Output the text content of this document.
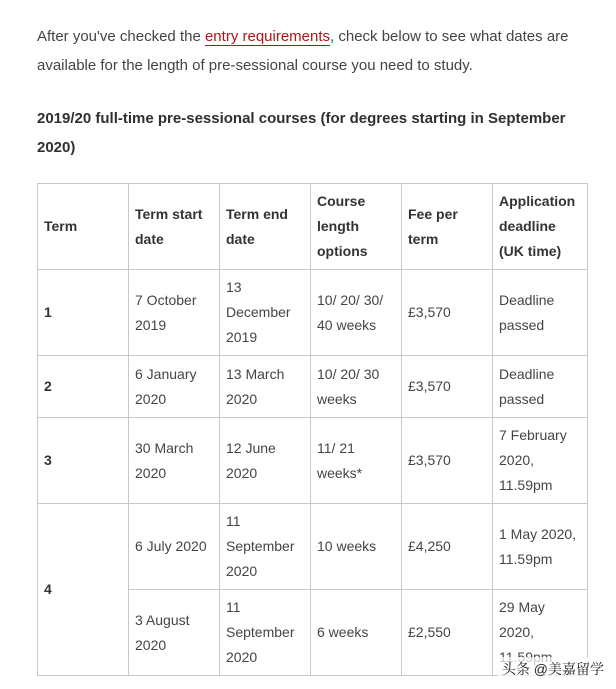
After you've checked the entry requirements, check below to see what dates are available for the length of pre-sessional course you need to study.
2019/20 full-time pre-sessional courses (for degrees starting in September 2020)
Term	Term start date	Term end date	Course length options	Fee per term	Application deadline (UK time)
1	7 October 2019	13 December 2019	10/ 20/ 30/ 40 weeks	£3,570	Deadline passed
2	6 January 2020	13 March 2020	10/ 20/ 30 weeks	£3,570	Deadline passed
3	30 March 2020	12 June 2020	11/ 21 weeks*	£3,570	7 February 2020, 11.59pm
4	6 July 2020	11 September 2020	10 weeks	£4,250	1 May 2020, 11.59pm
	3 August 2020	11 September 2020	6 weeks	£2,550	29 May 2020,
头条 @美嘉留学
